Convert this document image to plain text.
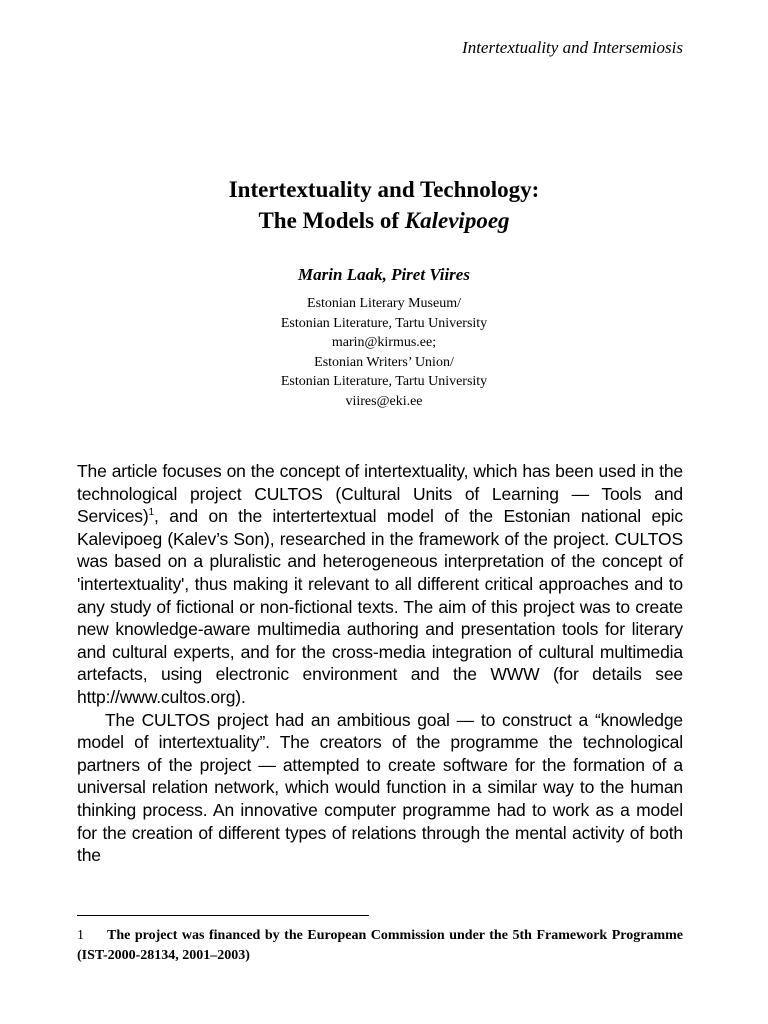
Intertextuality and Intersemiosis
Intertextuality and Technology:
The Models of Kalevipoeg
Marin Laak, Piret Viires
Estonian Literary Museum/
Estonian Literature, Tartu University
marin@kirmus.ee;
Estonian Writers’ Union/
Estonian Literature, Tartu University
viires@eki.ee

The article focuses on the concept of intertextuality, which has been used in the technological project CULTOS (Cultural Units of Learning — Tools and Services)$^1$, and on the intertertextual model of the Estonian national epic Kalevipoeg (Kalev’s Son), researched in the framework of the project. CULTOS was based on a pluralistic and heterogeneous interpretation of the concept of 'intertextuality', thus making it relevant to all different critical approaches and to any study of fictional or non-fictional texts. The aim of this project was to create new knowledge-aware multimedia authoring and presentation tools for literary and cultural experts, and for the cross-media integration of cultural multimedia artefacts, using electronic environment and the WWW (for details see http://www.cultos.org).

The CULTOS project had an ambitious goal — to construct a “knowledge model of intertextuality”. The creators of the programme the technological partners of the project — attempted to create software for the formation of a universal relation network, which would function in a similar way to the human thinking process. An innovative computer programme had to work as a model for the creation of different types of relations through the mental activity of both the

1 The project was financed by the European Commission under the 5th Framework Programme (IST-2000-28134, 2001–2003)
